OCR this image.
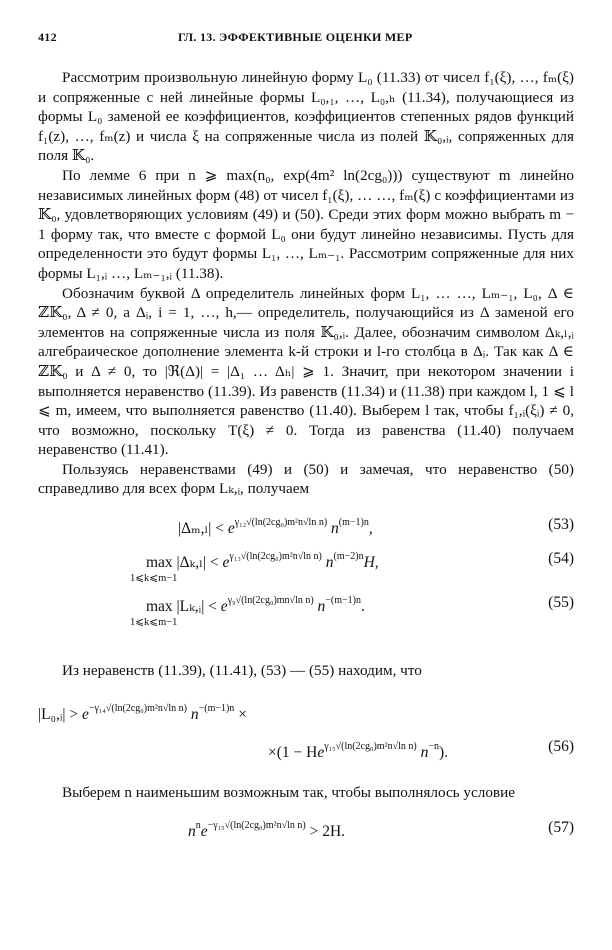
412	ГЛ. 13. ЭФФЕКТИВНЫЕ ОЦЕНКИ МЕР

Рассмотрим произвольную линейную форму L₀ (11.33) от чисел f₁(ξ), …, fₘ(ξ) и сопряженные с ней линейные формы L₀,₁, …, L₀,ₕ (11.34), получающиеся из формы L₀ заменой ее коэффициентов, коэффициентов степенных рядов функций f₁(z), …, fₘ(z) и числа ξ на сопряженные числа из полей 𝕂₀,ᵢ, сопряженных для поля 𝕂₀.

По лемме 6 при n ⩾ max(n₀, exp(4m² ln(2cg₀))) существуют m линейно независимых линейных форм (48) от чисел f₁(ξ), … …, fₘ(ξ) с коэффициентами из 𝕂₀, удовлетворяющих условиям (49) и (50). Среди этих форм можно выбрать m − 1 форму так, что вместе с формой L₀ они будут линейно независимы. Пусть для определенности это будут формы L₁, …, Lₘ₋₁. Рассмотрим сопряженные для них формы L₁,ᵢ …, Lₘ₋₁,ᵢ (11.38).

Обозначим буквой Δ определитель линейных форм L₁, … …, Lₘ₋₁, L₀, Δ ∈ ℤ𝕂₀, Δ ≠ 0, а Δᵢ, i = 1, …, h,— определитель, получающийся из Δ заменой его элементов на сопряженные числа из поля 𝕂₀,ᵢ. Далее, обозначим символом Δₖ,ₗ,ᵢ алгебраическое дополнение элемента k-й строки и l-го столбца в Δᵢ. Так как Δ ∈ ℤ𝕂₀ и Δ ≠ 0, то |ℜ(Δ)| = |Δ₁ … Δₕ| ⩾ 1. Значит, при некотором значении i выполняется неравенство (11.39). Из равенств (11.34) и (11.38) при каждом l, 1 ⩽ l ⩽ m, имеем, что выполняется равенство (11.40). Выберем l так, чтобы f₁,ᵢ(ξᵢ) ≠ 0, что возможно, поскольку T(ξ) ≠ 0. Тогда из равенства (11.40) получаем неравенство (11.41).

Пользуясь неравенствами (49) и (50) и замечая, что неравенство (50) справедливо для всех форм Lₖ,ᵢ, получаем

$|\Delta_m,_l| < e^{\gamma_{12}√(ln(2cg_0)m^2n√ln n)}$ $n^{(m-1)n}$,	(53)
$\max |\Delta_k,_l| < e^{\gamma_{13}√(ln(2cg_0)m^2n√ln n)}$ $n^{(m-2)n}H$,
1⩽k⩽m−1
(54)
max |Lₖ,ᵢ| < $e^{\gamma_9√(ln(2cg_0)mn√ln n)}$ $n^{-(m-1)n}$.
1⩽k⩽m−1
(55)

Из неравенств (11.39), (11.41), (53) — (55) находим, что

|L₀,ᵢ| > $e^{-\gamma_{14}√(ln(2cg_0)m^2n√ln n)}$ $n^{-(m-1)n}$ ×
$\times(1 - He^{\gamma_{15}√(ln(2cg_0)m^2n√ln n)}$ $n^{-n}$).	(56)

Выберем n наименьшим возможным так, чтобы выполнялось условие

$n^ne^{-\gamma_{15}√(ln(2cg_0)m^2n√ln n)} > 2H$.	(57)
